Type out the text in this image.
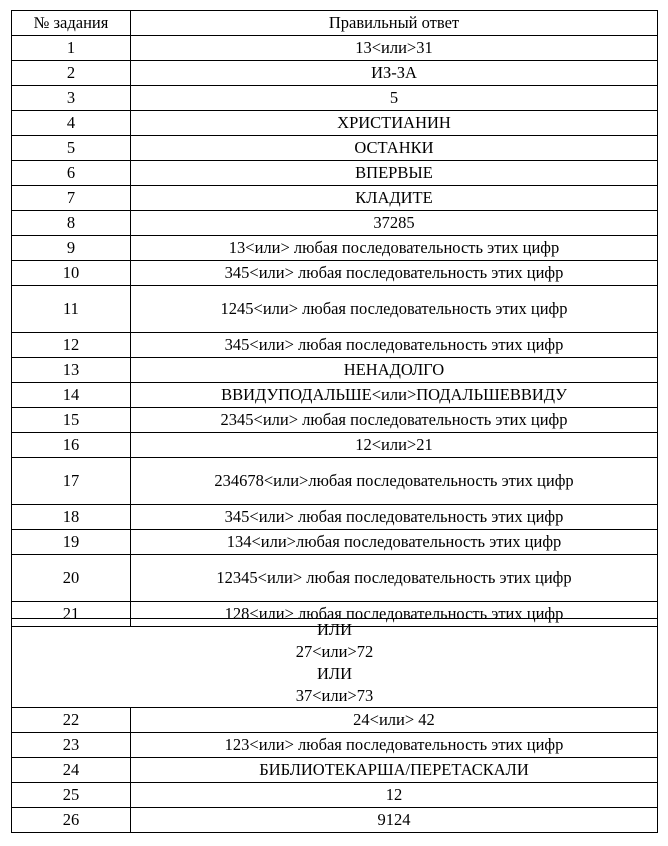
№ задания	Правильный ответ
1	13<или>31
2	ИЗ-ЗА
3	5
4	ХРИСТИАНИН
5	ОСТАНКИ
6	ВПЕРВЫЕ
7	КЛАДИТЕ
8	37285
9	13<или> любая последовательность этих цифр
10	345<или> любая последовательность этих цифр
11	1245<или> любая последовательность этих цифр
12	345<или> любая последовательность этих цифр
13	НЕНАДОЛГО
14	ВВИДУПОДАЛЬШЕ<или>ПОДАЛЬШЕВВИДУ
15	2345<или> любая последовательность этих цифр
16	12<или>21
17	234678<или>любая последовательность этих цифр
18	345<или> любая последовательность этих цифр
19	134<или>любая последовательность этих цифр
20	12345<или> любая последовательность этих цифр
21	128<или> любая последовательность этих цифр
ИЛИ
27<или>72
ИЛИ
37<или>73
22	24<или> 42
23	123<или> любая последовательность этих цифр
24	БИБЛИОТЕКАРША/ПЕРЕТАСКАЛИ
25	12
26	9124
